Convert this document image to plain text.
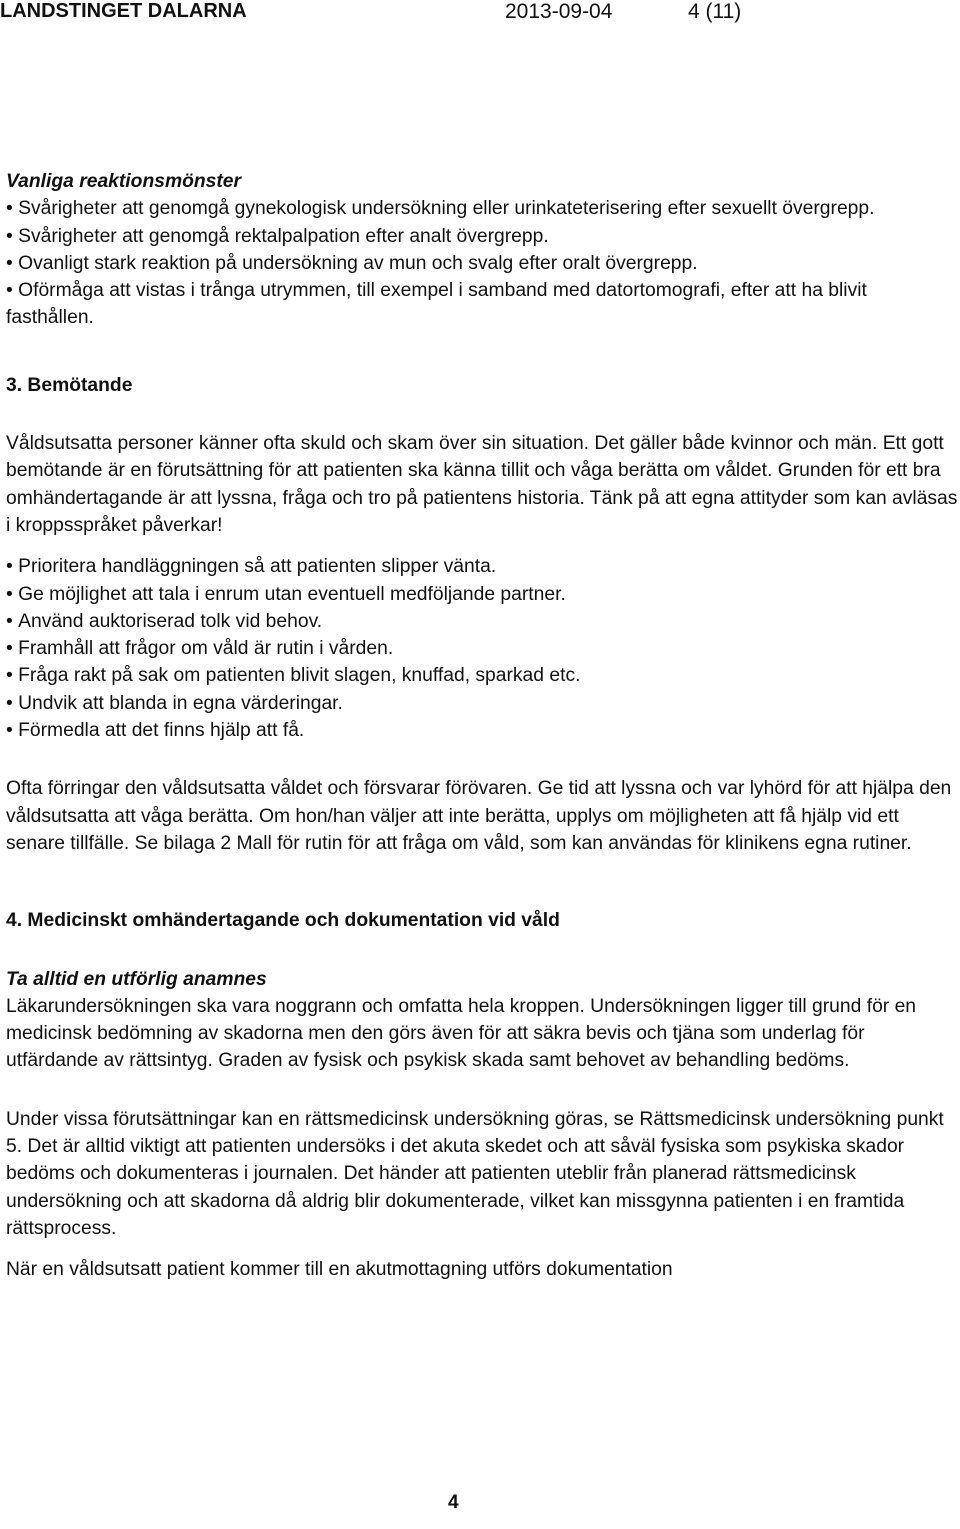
LANDSTINGET DALARNA	2013-09-04	4 (11)

Vanliga reaktionsmönster

• Svårigheter att genomgå gynekologisk undersökning eller urinkateterisering efter sexuellt övergrepp.
• Svårigheter att genomgå rektalpalpation efter analt övergrepp.
• Ovanligt stark reaktion på undersökning av mun och svalg efter oralt övergrepp.
• Oförmåga att vistas i trånga utrymmen, till exempel i samband med datortomografi, efter att ha blivit fasthållen.

3. Bemötande

Våldsutsatta personer känner ofta skuld och skam över sin situation. Det gäller både kvinnor och män. Ett gott bemötande är en förutsättning för att patienten ska känna tillit och våga berätta om våldet. Grunden för ett bra omhändertagande är att lyssna, fråga och tro på patientens historia. Tänk på att egna attityder som kan avläsas i kroppsspråket påverkar!

• Prioritera handläggningen så att patienten slipper vänta.
• Ge möjlighet att tala i enrum utan eventuell medföljande partner.
• Använd auktoriserad tolk vid behov.
• Framhåll att frågor om våld är rutin i vården.
• Fråga rakt på sak om patienten blivit slagen, knuffad, sparkad etc.
• Undvik att blanda in egna värderingar.
• Förmedla att det finns hjälp att få.

Ofta förringar den våldsutsatta våldet och försvarar förövaren. Ge tid att lyssna och var lyhörd för att hjälpa den våldsutsatta att våga berätta. Om hon/han väljer att inte berätta, upplys om möjligheten att få hjälp vid ett senare tillfälle. Se bilaga 2 Mall för rutin för att fråga om våld, som kan användas för klinikens egna rutiner.

4. Medicinskt omhändertagande och dokumentation vid våld

Ta alltid en utförlig anamnes

Läkarundersökningen ska vara noggrann och omfatta hela kroppen. Undersökningen ligger till grund för en medicinsk bedömning av skadorna men den görs även för att säkra bevis och tjäna som underlag för utfärdande av rättsintyg. Graden av fysisk och psykisk skada samt behovet av behandling bedöms.

Under vissa förutsättningar kan en rättsmedicinsk undersökning göras, se Rättsmedicinsk undersökning punkt 5. Det är alltid viktigt att patienten undersöks i det akuta skedet och att såväl fysiska som psykiska skador bedöms och dokumenteras i journalen. Det händer att patienten uteblir från planerad rättsmedicinsk undersökning och att skadorna då aldrig blir dokumenterade, vilket kan missgynna patienten i en framtida rättsprocess.

När en våldsutsatt patient kommer till en akutmottagning utförs dokumentation

4
